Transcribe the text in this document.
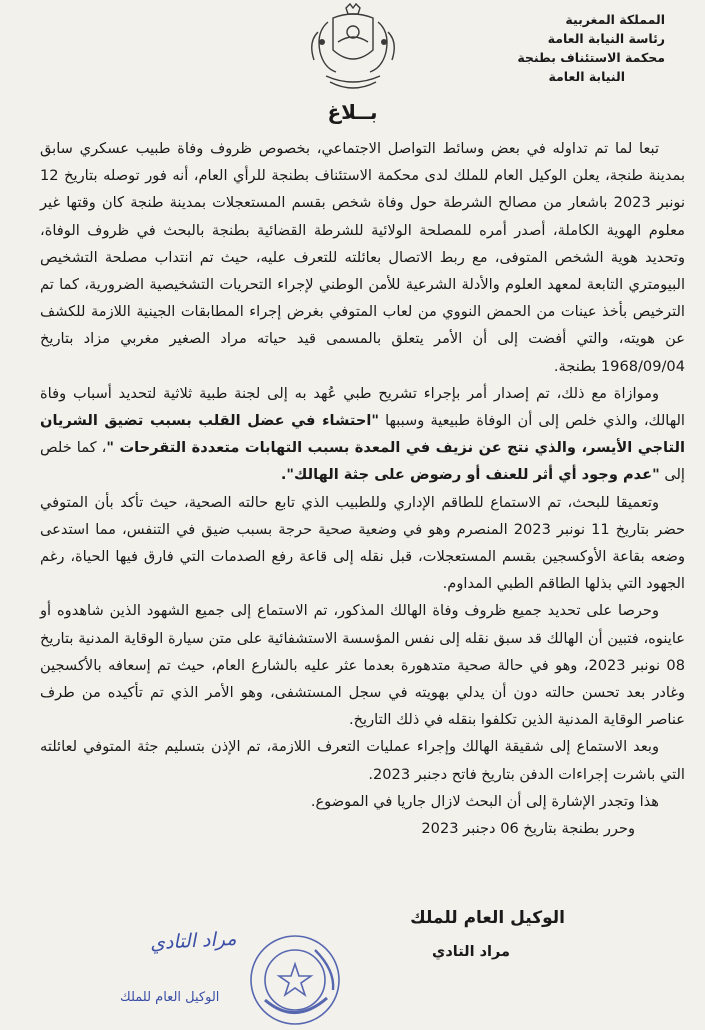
المملكة المغربية
رئاسة النيابة العامة
محكمة الاستئناف بطنجة
النيابة العامة
بــلاغ

تبعا لما تم تداوله في بعض وسائط التواصل الاجتماعي، بخصوص ظروف وفاة طبيب عسكري سابق بمدينة طنجة، يعلن الوكيل العام للملك لدى محكمة الاستئناف بطنجة للرأي العام، أنه فور توصله بتاريخ 12 نونبر 2023 باشعار من مصالح الشرطة حول وفاة شخص بقسم المستعجلات بمدينة طنجة كان وقتها غير معلوم الهوية الكاملة، أصدر أمره للمصلحة الولائية للشرطة القضائية بطنجة بالبحث في ظروف الوفاة، وتحديد هوية الشخص المتوفى، مع ربط الاتصال بعائلته للتعرف عليه، حيث تم انتداب مصلحة التشخيص البيومتري التابعة لمعهد العلوم والأدلة الشرعية للأمن الوطني لإجراء التحريات التشخيصية الضرورية، كما تم الترخيص بأخذ عينات من الحمض النووي من لعاب المتوفي بغرض إجراء المطابقات الجينية اللازمة للكشف عن هويته، والتي أفضت إلى أن الأمر يتعلق بالمسمى قيد حياته مراد الصغير مغربي مزاد بتاريخ 1968/09/04 بطنجة.

وموازاة مع ذلك، تم إصدار أمر بإجراء تشريح طبي عُهد به إلى لجنة طبية ثلاثية لتحديد أسباب وفاة الهالك، والذي خلص إلى أن الوفاة طبيعية وسببها "احتشاء في عضل القلب بسبب تضيق الشريان التاجي الأيسر، والذي نتج عن نزيف في المعدة بسبب التهابات متعددة التقرحات "، كما خلص إلى "عدم وجود أي أثر للعنف أو رضوض على جثة الهالك".

وتعميقا للبحث، تم الاستماع للطاقم الإداري وللطبيب الذي تابع حالته الصحية، حيث تأكد بأن المتوفي حضر بتاريخ 11 نونبر 2023 المنصرم وهو في وضعية صحية حرجة بسبب ضيق في التنفس، مما استدعى وضعه بقاعة الأوكسجين بقسم المستعجلات، قبل نقله إلى قاعة رفع الصدمات التي فارق فيها الحياة، رغم الجهود التي بذلها الطاقم الطبي المداوم.

وحرصا على تحديد جميع ظروف وفاة الهالك المذكور، تم الاستماع إلى جميع الشهود الذين شاهدوه أو عاينوه، فتبين أن الهالك قد سبق نقله إلى نفس المؤسسة الاستشفائية على متن سيارة الوقاية المدنية بتاريخ 08 نونبر 2023، وهو في حالة صحية متدهورة بعدما عثر عليه بالشارع العام، حيث تم إسعافه بالأكسجين وغادر بعد تحسن حالته دون أن يدلي بهويته في سجل المستشفى، وهو الأمر الذي تم تأكيده من طرف عناصر الوقاية المدنية الذين تكلفوا بنقله في ذلك التاريخ.

وبعد الاستماع إلى شقيقة الهالك وإجراء عمليات التعرف اللازمة، تم الإذن بتسليم جثة المتوفي لعائلته التي باشرت إجراءات الدفن بتاريخ فاتح دجنبر 2023.

هذا وتجدر الإشارة إلى أن البحث لازال جاريا في الموضوع.

وحرر بطنجة بتاريخ 06 دجنبر 2023

الوكيل العام للملك
مراد التادي
مراد التادي
الوكيل العام للملك
